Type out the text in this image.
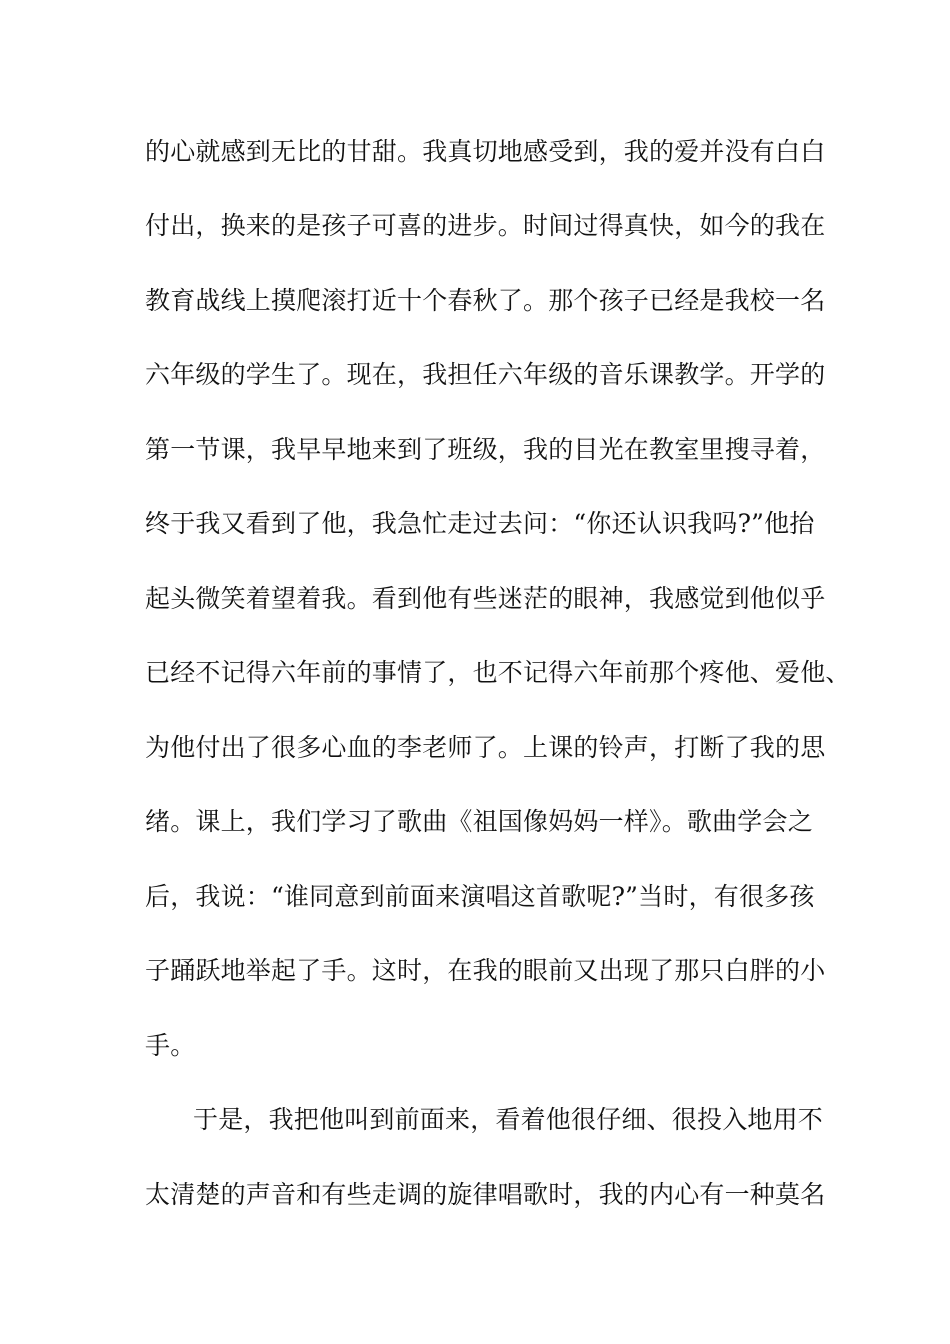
的心就感到无比的甘甜。我真切地感受到，我的爱并没有白白
付出，换来的是孩子可喜的进步。时间过得真快，如今的我在
教育战线上摸爬滚打近十个春秋了。那个孩子已经是我校一名
六年级的学生了。现在，我担任六年级的音乐课教学。开学的
第一节课，我早早地来到了班级，我的目光在教室里搜寻着，
终于我又看到了他，我急忙走过去问：“你还认识我吗?”他抬
起头微笑着望着我。看到他有些迷茫的眼神，我感觉到他似乎
已经不记得六年前的事情了，也不记得六年前那个疼他、爱他、
为他付出了很多心血的李老师了。上课的铃声，打断了我的思
绪。课上，我们学习了歌曲《祖国像妈妈一样》。歌曲学会之
后，我说：“谁同意到前面来演唱这首歌呢?”当时，有很多孩
子踊跃地举起了手。这时，在我的眼前又出现了那只白胖的小
手。
于是，我把他叫到前面来，看着他很仔细、很投入地用不
太清楚的声音和有些走调的旋律唱歌时，我的内心有一种莫名
